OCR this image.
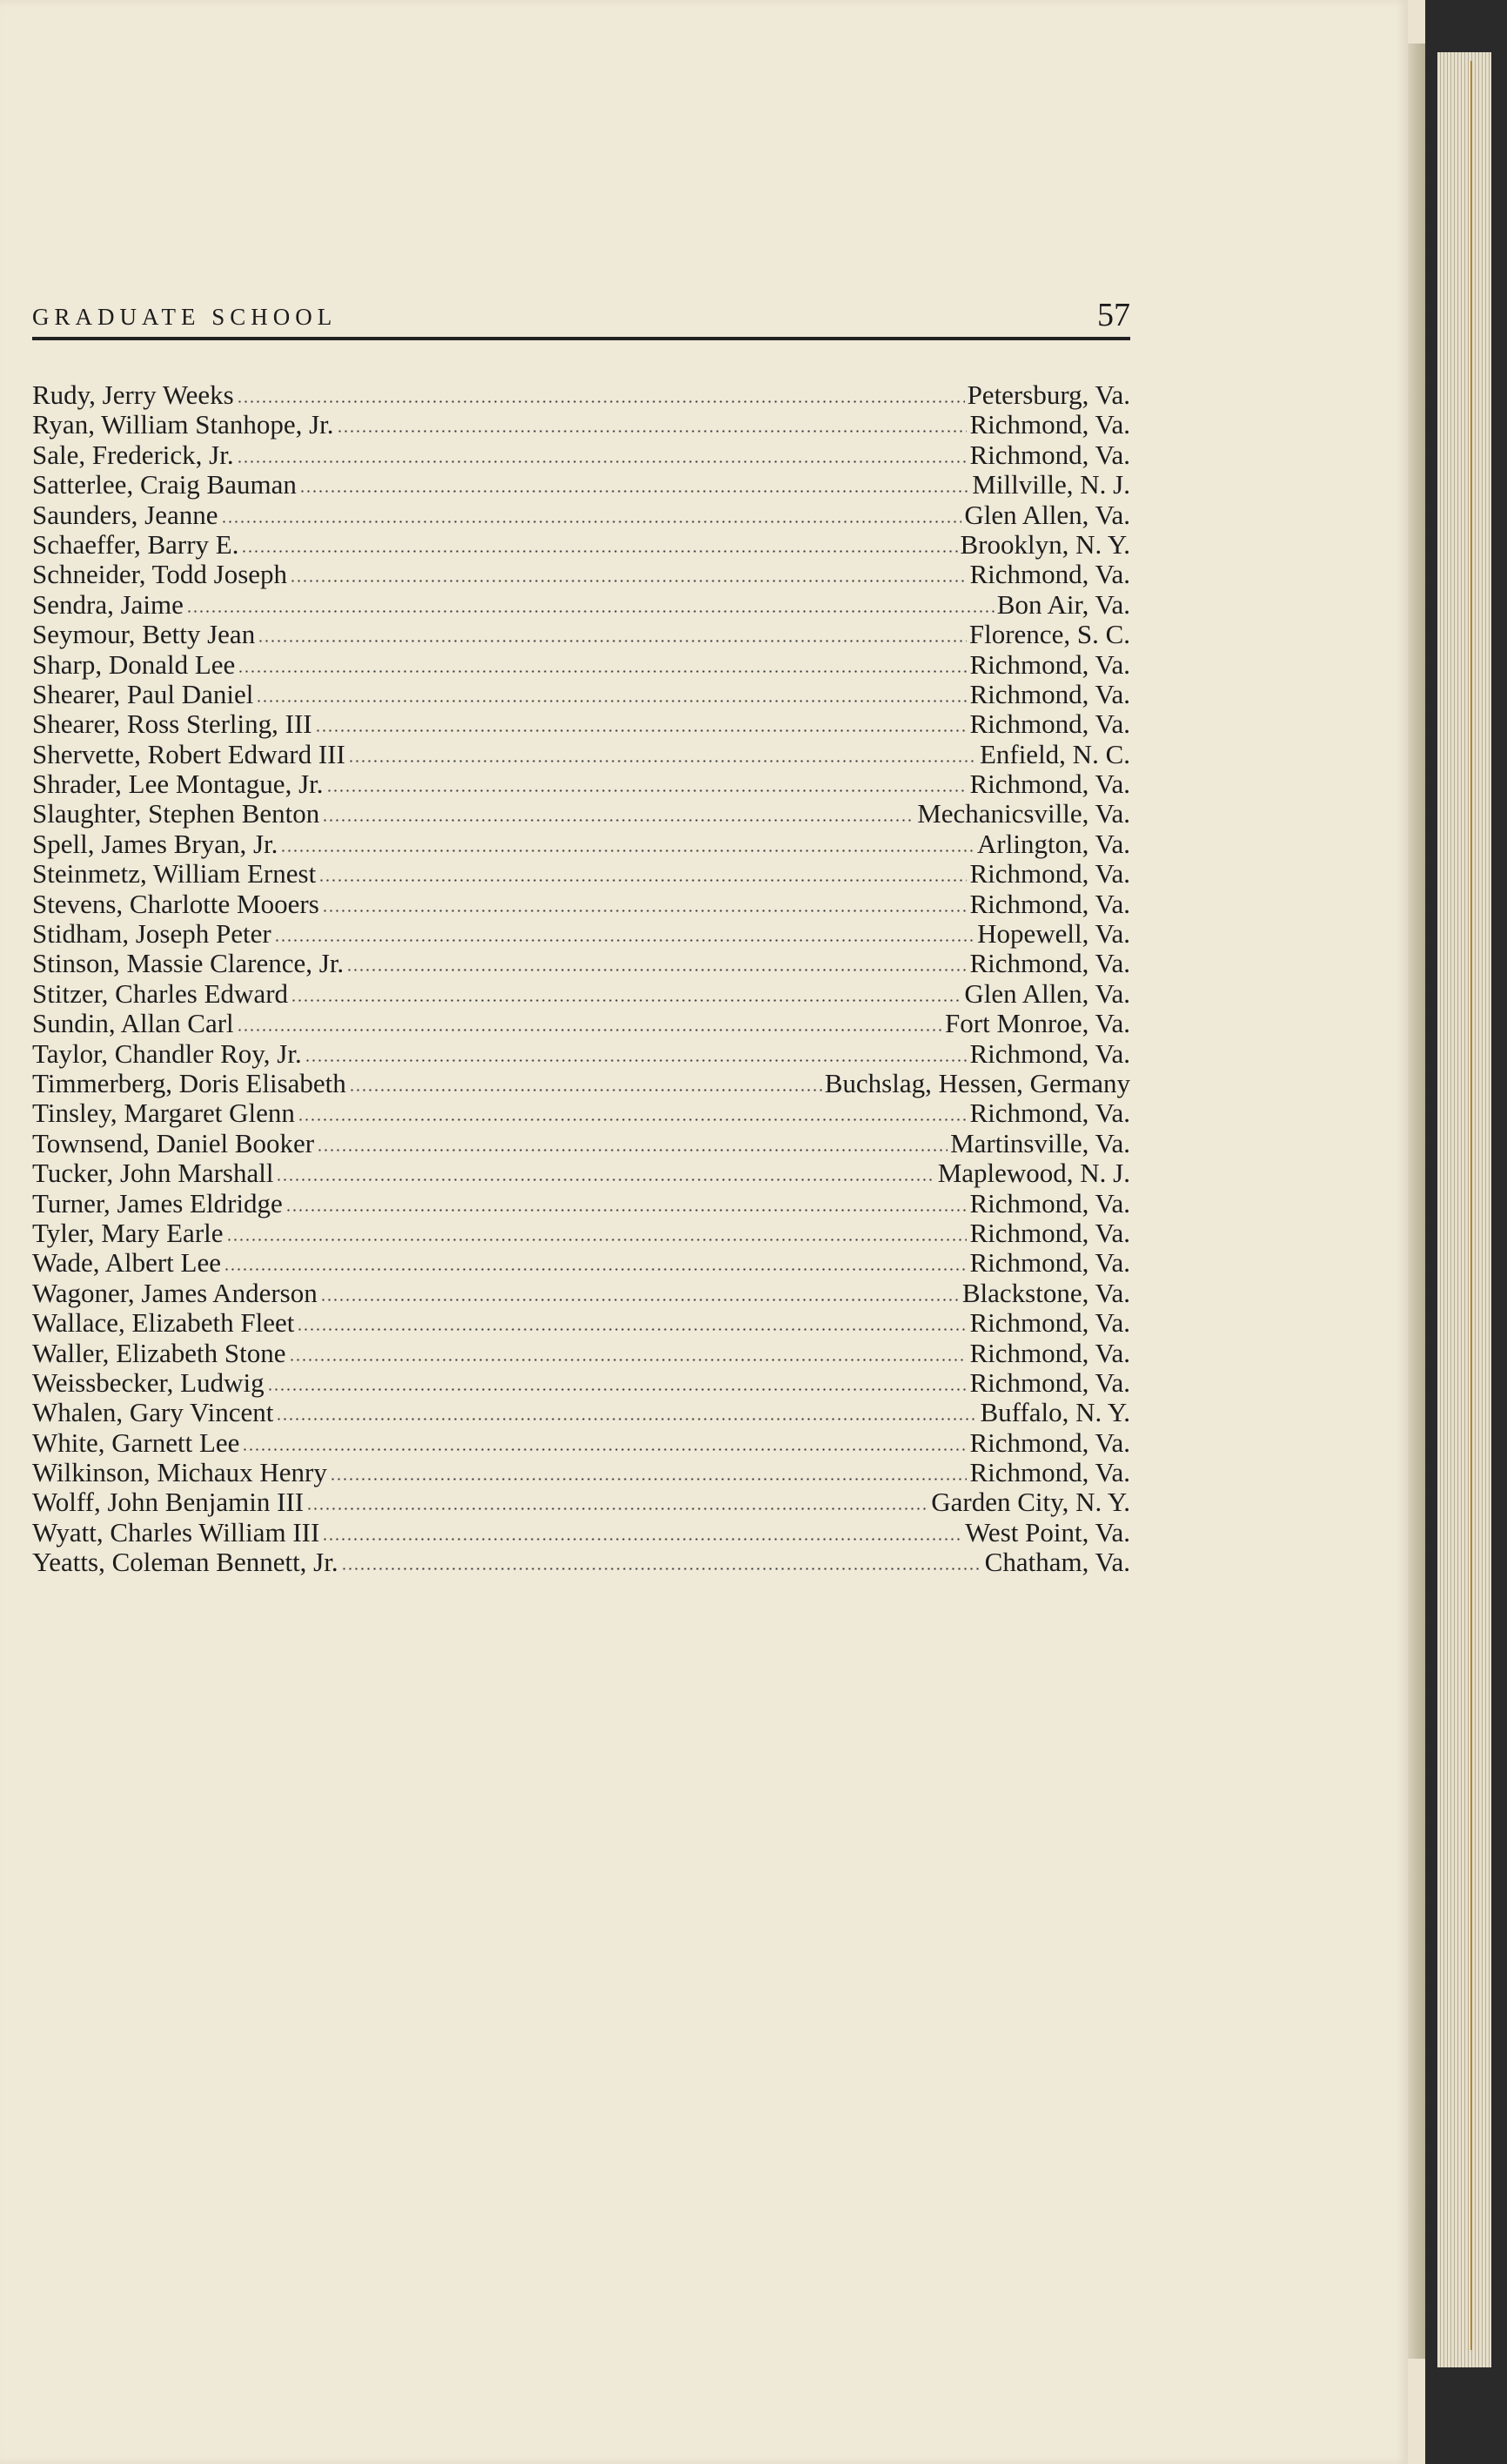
GRADUATE SCHOOL	57
Rudy, Jerry Weeks	Petersburg, Va.
Ryan, William Stanhope, Jr.	Richmond, Va.
Sale, Frederick, Jr.	Richmond, Va.
Satterlee, Craig Bauman	Millville, N. J.
Saunders, Jeanne	Glen Allen, Va.
Schaeffer, Barry E.	Brooklyn, N. Y.
Schneider, Todd Joseph	Richmond, Va.
Sendra, Jaime	Bon Air, Va.
Seymour, Betty Jean	Florence, S. C.
Sharp, Donald Lee	Richmond, Va.
Shearer, Paul Daniel	Richmond, Va.
Shearer, Ross Sterling, III	Richmond, Va.
Shervette, Robert Edward III	Enfield, N. C.
Shrader, Lee Montague, Jr.	Richmond, Va.
Slaughter, Stephen Benton	Mechanicsville, Va.
Spell, James Bryan, Jr.	Arlington, Va.
Steinmetz, William Ernest	Richmond, Va.
Stevens, Charlotte Mooers	Richmond, Va.
Stidham, Joseph Peter	Hopewell, Va.
Stinson, Massie Clarence, Jr.	Richmond, Va.
Stitzer, Charles Edward	Glen Allen, Va.
Sundin, Allan Carl	Fort Monroe, Va.
Taylor, Chandler Roy, Jr.	Richmond, Va.
Timmerberg, Doris Elisabeth	Buchslag, Hessen, Germany
Tinsley, Margaret Glenn	Richmond, Va.
Townsend, Daniel Booker	Martinsville, Va.
Tucker, John Marshall	Maplewood, N. J.
Turner, James Eldridge	Richmond, Va.
Tyler, Mary Earle	Richmond, Va.
Wade, Albert Lee	Richmond, Va.
Wagoner, James Anderson	Blackstone, Va.
Wallace, Elizabeth Fleet	Richmond, Va.
Waller, Elizabeth Stone	Richmond, Va.
Weissbecker, Ludwig	Richmond, Va.
Whalen, Gary Vincent	Buffalo, N. Y.
White, Garnett Lee	Richmond, Va.
Wilkinson, Michaux Henry	Richmond, Va.
Wolff, John Benjamin III	Garden City, N. Y.
Wyatt, Charles William III	West Point, Va.
Yeatts, Coleman Bennett, Jr.	Chatham, Va.
